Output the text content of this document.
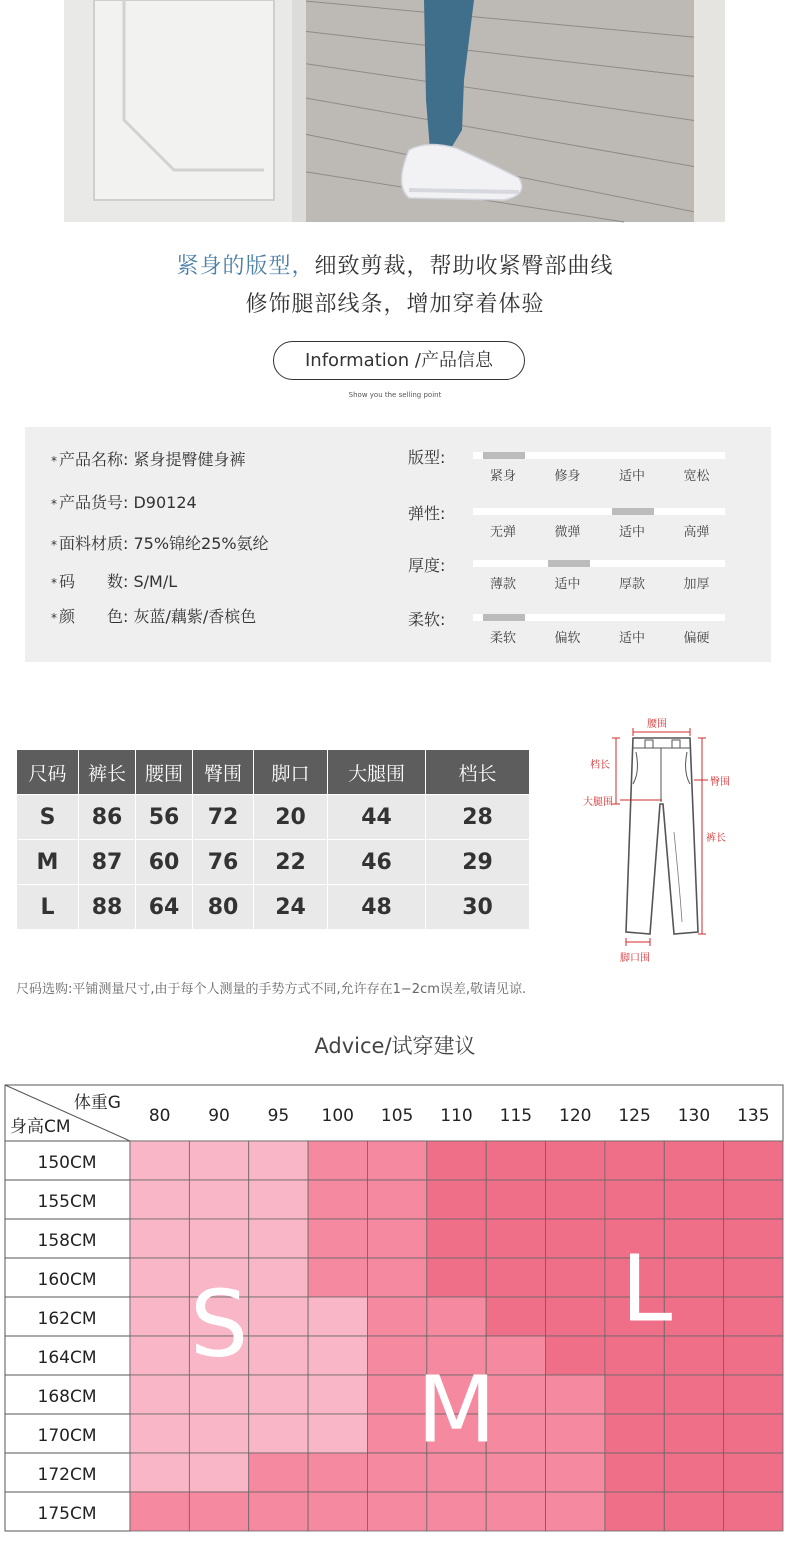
紧身的版型，细致剪裁，帮助收紧臀部曲线
修饰腿部线条，增加穿着体验
Information /产品信息
Show you the selling point
* 产品名称: 紧身提臀健身裤
* 产品货号: D90124
* 面料材质: 75%锦纶25%氨纶
* 码　　数: S/M/L
* 颜　　色: 灰蓝/藕紫/香槟色
版型:
紧身	修身	适中	宽松
弹性:
无弹	微弹	适中	高弹
厚度:
薄款	适中	厚款	加厚
柔软:
柔软	偏软	适中	偏硬
尺码	裤长	腰围	臀围	脚口	大腿围	档长
S	86	56	72	20	44	28
M	87	60	76	22	46	29
L	88	64	80	24	48	30
腰围
档长
臀围
大腿围
裤长
脚口围
尺码选购:平铺测量尺寸,由于每个人测量的手势方式不同,允许存在1−2cm误差,敬请见谅.
Advice/试穿建议
体重G
身高CM
80 90 95 100 105 110 115 120 125 130 135
150CM
155CM
158CM
160CM
162CM
164CM
168CM
170CM
172CM
175CM
S
M
L
